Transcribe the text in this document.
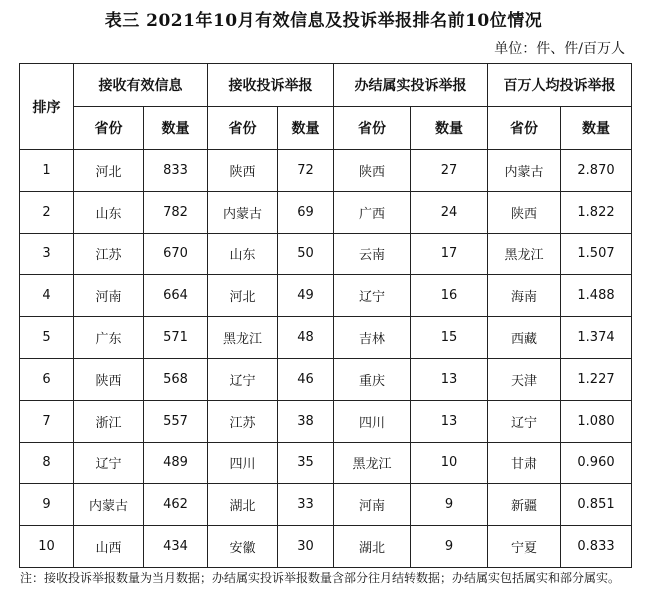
表三 2021年10月有效信息及投诉举报排名前10位情况
单位：件、件/百万人
排序	接收有效信息		接收投诉举报		办结属实投诉举报		百万人均投诉举报	
	省份	数量	省份	数量	省份	数量	省份	数量
1	河北	833	陕西	72	陕西	27	内蒙古	2.870
2	山东	782	内蒙古	69	广西	24	陕西	1.822
3	江苏	670	山东	50	云南	17	黑龙江	1.507
4	河南	664	河北	49	辽宁	16	海南	1.488
5	广东	571	黑龙江	48	吉林	15	西藏	1.374
6	陕西	568	辽宁	46	重庆	13	天津	1.227
7	浙江	557	江苏	38	四川	13	辽宁	1.080
8	辽宁	489	四川	35	黑龙江	10	甘肃	0.960
9	内蒙古	462	湖北	33	河南	9	新疆	0.851
10	山西	434	安徽	30	湖北	9	宁夏	0.833
注：接收投诉举报数量为当月数据；办结属实投诉举报数量含部分往月结转数据；办结属实包括属实和部分属实。
